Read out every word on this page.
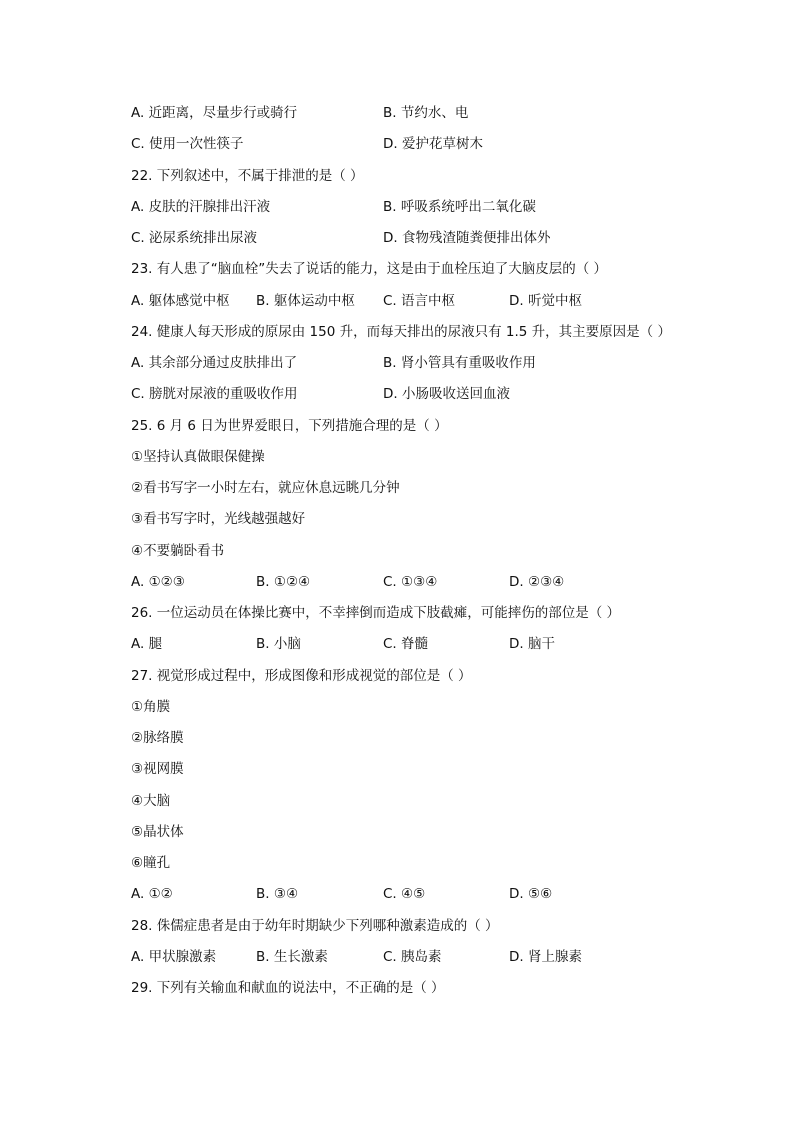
A. 近距离，尽量步行或骑行	B. 节约水、电
C. 使用一次性筷子	D. 爱护花草树木
22. 下列叙述中，不属于排泄的是（ ）
A. 皮肤的汗腺排出汗液	B. 呼吸系统呼出二氧化碳
C. 泌尿系统排出尿液	D. 食物残渣随粪便排出体外
23. 有人患了“脑血栓”失去了说话的能力，这是由于血栓压迫了大脑皮层的（ ）
A. 躯体感觉中枢 B. 躯体运动中枢 C. 语言中枢	D. 听觉中枢
24. 健康人每天形成的原尿由 150 升，而每天排出的尿液只有 1.5 升，其主要原因是（ ）
A. 其余部分通过皮肤排出了	B. 肾小管具有重吸收作用
C. 膀胱对尿液的重吸收作用	D. 小肠吸收送回血液
25. 6 月 6 日为世界爱眼日，下列措施合理的是（ ）
①坚持认真做眼保健操
②看书写字一小时左右，就应休息远眺几分钟
③看书写字时，光线越强越好
④不要躺卧看书
A. ①②③	B. ①②④	C. ①③④	D. ②③④
26. 一位运动员在体操比赛中，不幸摔倒而造成下肢截瘫，可能摔伤的部位是（ ）
A. 腿	B. 小脑	C. 脊髓	D. 脑干
27. 视觉形成过程中，形成图像和形成视觉的部位是（ ）
①角膜
②脉络膜
③视网膜
④大脑
⑤晶状体
⑥瞳孔
A. ①②	B. ③④	C. ④⑤	D. ⑤⑥
28. 侏儒症患者是由于幼年时期缺少下列哪种激素造成的（ ）
A. 甲状腺激素	B. 生长激素	C. 胰岛素	D. 肾上腺素
29. 下列有关输血和献血的说法中，不正确的是（ ）
